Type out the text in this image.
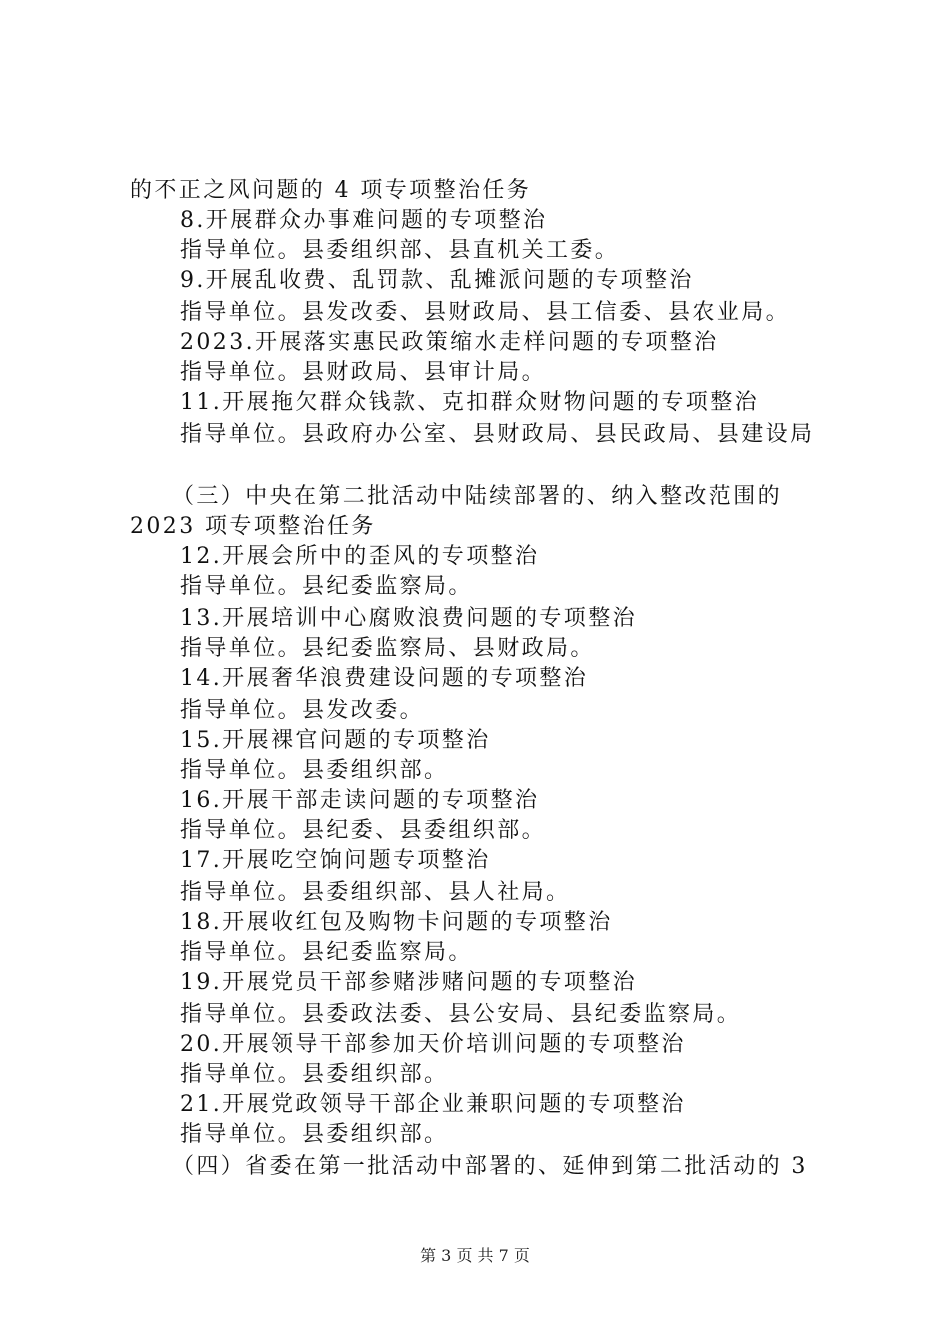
的不正之风问题的 4 项专项整治任务
8.开展群众办事难问题的专项整治
指导单位。县委组织部、县直机关工委。
9.开展乱收费、乱罚款、乱摊派问题的专项整治
指导单位。县发改委、县财政局、县工信委、县农业局。
2023.开展落实惠民政策缩水走样问题的专项整治
指导单位。县财政局、县审计局。
11.开展拖欠群众钱款、克扣群众财物问题的专项整治
指导单位。县政府办公室、县财政局、县民政局、县建设局
（三）中央在第二批活动中陆续部署的、纳入整改范围的
2023 项专项整治任务
12.开展会所中的歪风的专项整治
指导单位。县纪委监察局。
13.开展培训中心腐败浪费问题的专项整治
指导单位。县纪委监察局、县财政局。
14.开展奢华浪费建设问题的专项整治
指导单位。县发改委。
15.开展裸官问题的专项整治
指导单位。县委组织部。
16.开展干部走读问题的专项整治
指导单位。县纪委、县委组织部。
17.开展吃空饷问题专项整治
指导单位。县委组织部、县人社局。
18.开展收红包及购物卡问题的专项整治
指导单位。县纪委监察局。
19.开展党员干部参赌涉赌问题的专项整治
指导单位。县委政法委、县公安局、县纪委监察局。
20.开展领导干部参加天价培训问题的专项整治
指导单位。县委组织部。
21.开展党政领导干部企业兼职问题的专项整治
指导单位。县委组织部。
（四）省委在第一批活动中部署的、延伸到第二批活动的 3
第 3 页 共 7 页
